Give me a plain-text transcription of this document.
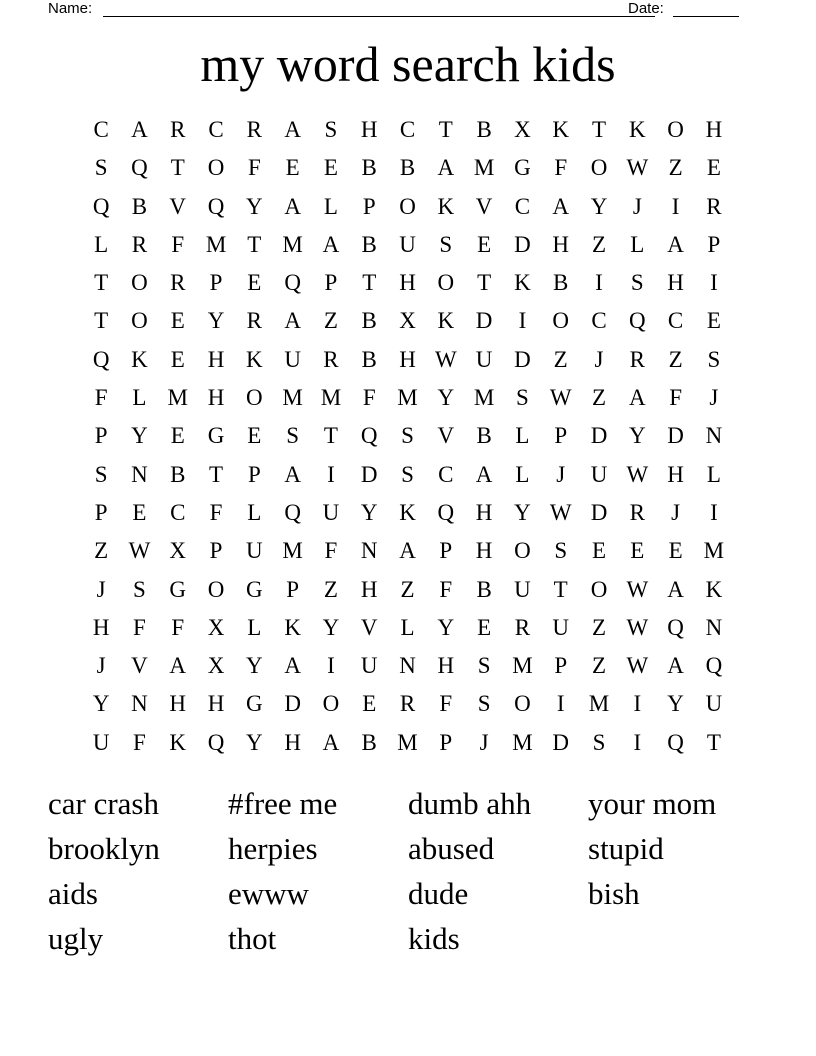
Name:	Date:
my word search kids
C A R C R A	S	H C	T	B X K T K O H
S	Q T O	F	E	E	B B A M G	F	O W Z	E
Q B V Q Y A L	P	O K V C A Y	J	I	R
L	R	F M T M A B U	S	E D H Z	L A	P
T O R	P	E Q	P	T H O T K B	I	S	H	I
T O E Y R A Z	B X K D	I	O C Q C	E
Q K E H K U R B H W U D Z	J	R	Z	S
F	L M H O M M F M Y M S W Z A	F	J
P	Y E G E	S	T Q	S	V B	L	P	D Y D N
S	N B	T	P	A	I	D	S	C A L	J	U W H L
P	E	C	F	L Q U Y K Q H Y W D R	J	I
Z W X	P	U M F	N A	P	H O	S	E	E	E M
J	S	G O G	P	Z H Z	F	B U T O W A K
H	F	F	X L K Y V L Y E	R U Z W Q N
J	V A X Y A	I	U N H	S M P	Z W A Q
Y N H H G D O E	R	F	S	O	I	M	I	Y U
U	F	K Q Y H A B M P	J	M D	S	I	Q T
car crash	#free me	dumb ahh	your mom
brooklyn	herpies	abused	stupid
aids	ewww	dude	bish
ugly	thot	kids
